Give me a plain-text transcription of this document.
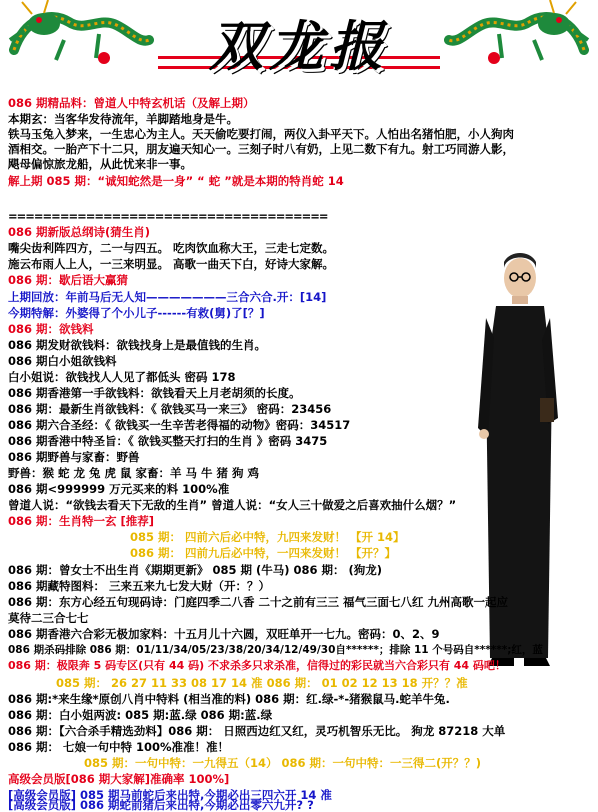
双龙报
086 期精品料：曾道人中特玄机话（及解上期）
本期玄：当客华发待流年，羊脚踏地身是牛。
铁马玉兔入梦来，一生忠心为主人。天天偷吃要打闹，两仪入卦平天下。人怕出名猪怕肥，小人狗肉
酒相交。一胎产下十二只，朋友遍天知心一。三刻子时八有奶，上见二数下有九。射工巧同游人影，
飓母偏惊旅龙船，从此忧来非一事。
解上期 085 期：“诚知蛇然是一身” “ 蛇 ”就是本期的特肖蛇 14
=====================================
086 期新版总纲诗(猜生肖)
嘴尖齿利阵四方，二一与四五。 吃肉饮血称大王，三走七定数。
施云布雨人上人，一三来明显。 高歌一曲天下白，好诗大家解。
086 期：歇后语大赢猜
上期回放：年前马后无人知———————三合六合.开：[14]
今期特解：外婆得了个小儿子------有救(舅)了[？]
086 期：欲钱料
086 期发财欲钱料：欲钱找身上是最值钱的生肖。
086 期白小姐欲钱料
白小姐说：欲钱找人人见了都低头 密码 178
086 期香港第一手欲钱料：欲钱看天上月老胡须的长度。
086 期：最新生肖欲钱料：《 欲钱买马一来三》 密码：23456
086 期六合圣经：《 欲钱买一生辛苦老得福的动物》密码：34517
086 期香港中特圣旨：《 欲钱买整天打扫的生肖 》密码 3475
086 期野兽与家畜：野兽
野兽：猴 蛇 龙 兔 虎 鼠 家畜：羊 马 牛 猪 狗 鸡
086 期<999999 万元买来的料 100%准
曾道人说：“欲钱去看天下无敌的生肖” 曾道人说：“女人三十做爱之后喜欢抽什么烟？”
086 期：生肖特一玄 [推荐]
085 期： 四前六后必中特，九四来发财！ 【开 14】
086 期： 四前九后必中特，一四来发财！ 【开？】
086 期：曾女士不出生肖《期期更新》 085 期 (牛马) 086 期： (狗龙)
086 期藏特图料： 三来五来九七发大财（开：？）
086 期：东方心经五句现码诗：门庭四季二八香 二十之前有三三 福气三面七八红 九州高歌一起应
莫待二三合七七
086 期香港六合彩无极加家料：十五月儿十六圆，双旺单开一七九。密码：0、2、9
086 期杀码排除 086 期：01/11/34/05/23/38/20/34/12/49/30自******；排除 11 个号码自******;红，蓝
086 期：极限奔 5 码专区(只有 44 码) 不求杀多只求杀准，信得过的彩民就当六合彩只有 44 码吧！
085 期： 26 27 11 33 08 17 14 准 086 期： 01 02 12 13 18 开？？准
086 期:*来生缘*原创八肖中特料 (相当准的料) 086 期：红.绿-*-猪猴鼠马.蛇羊牛兔.
086 期：白小姐两波: 085 期:蓝.绿 086 期:蓝.绿
086 期：【六合杀手精选劲料】086 期： 日照西边红又红，灵巧机智乐无比。 狗龙 87218 大单
086 期： 七娘一句中特 100%准准！准！
085 期：一句中特：一九得五（14） 086 期：一句中特：一三得二(开？？)
高级会员版[086 期大家解]准确率 100%]
[高级会员版] 085 期马前蛇后来出特,今期必出三四六开 14 准
[高级会员版] 086 期蛇前猪后来出特,今期必出零六九开? ?
